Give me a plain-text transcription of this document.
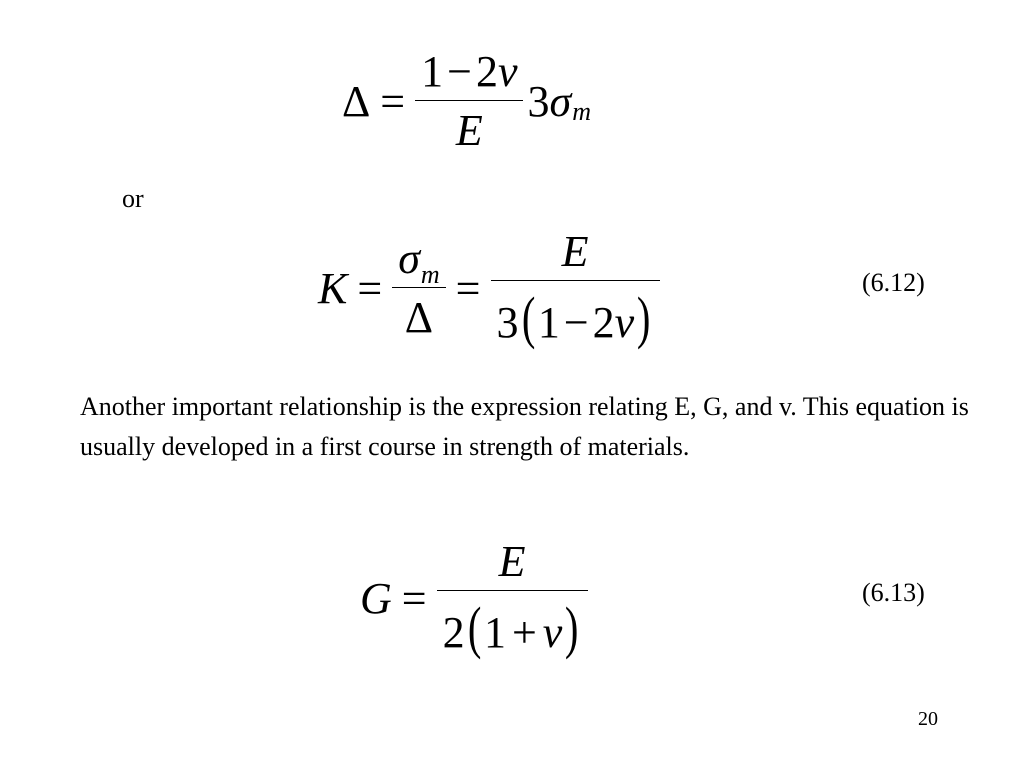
$\Delta = \frac{1 - 2 v}{E} 3$ σ m
or
$K = \frac{\text{σ m}}{\Delta} = \frac{E}{3 ( 1 - 2 v )}$	(6.12)
Another important relationship is the expression relating E, G, and v. This equation is usually developed in a first course in strength of materials.
$G = \frac{E}{2 ( 1 + v )}$	(6.13)
20
